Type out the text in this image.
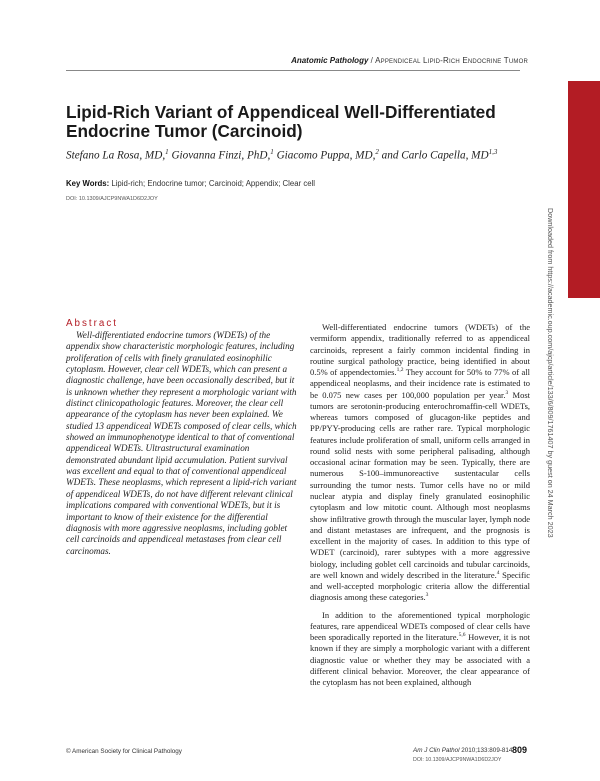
Anatomic Pathology / Appendiceal Lipid-Rich Endocrine Tumor
Lipid-Rich Variant of Appendiceal Well-Differentiated Endocrine Tumor (Carcinoid)
Stefano La Rosa, MD,$^1$ Giovanna Finzi, PhD,$^1$ Giacomo Puppa, MD,$^2$ and Carlo Capella, MD$^{1,3}$
Key Words: Lipid-rich; Endocrine tumor; Carcinoid; Appendix; Clear cell
DOI: 10.1309/AJCP9NWA1D6D2JOY
Downloaded from https://academic.oup.com/ajcp/article/133/6/809/1761407 by guest on 24 March 2023
Abstract

Well-differentiated endocrine tumors (WDETs) of the appendix show characteristic morphologic features, including proliferation of cells with finely granulated eosinophilic cytoplasm. However, clear cell WDETs, which can present a diagnostic challenge, have been occasionally described, but it is unknown whether they represent a morphologic variant with distinct clinicopathologic features. Moreover, the clear cell appearance of the cytoplasm has never been explained. We studied 13 appendiceal WDETs composed of clear cells, which showed an immunophenotype identical to that of conventional appendiceal WDETs. Ultrastructural examination demonstrated abundant lipid accumulation. Patient survival was excellent and equal to that of conventional appendiceal WDETs. These neoplasms, which represent a lipid-rich variant of appendiceal WDETs, do not have different relevant clinical implications compared with conventional WDETs, but it is important to know of their existence for the differential diagnosis with more aggressive neoplasms, including goblet cell carcinoids and appendiceal metastases from clear cell carcinomas.

Well-differentiated endocrine tumors (WDETs) of the vermiform appendix, traditionally referred to as appendiceal carcinoids, represent a fairly common incidental finding in routine surgical pathology practice, being identified in about 0.5% of appendectomies.$^{1,2}$ They account for 50% to 77% of all appendiceal neoplasms, and their incidence rate is estimated to be 0.075 new cases per 100,000 population per year.$^3$ Most tumors are serotonin-producing enterochromaffin-cell WDETs, whereas tumors composed of glucagon-like peptides and PP/PYY-producing cells are rather rare. Typical morphologic features include proliferation of small, uniform cells arranged in round solid nests with some peripheral palisading, although occasional acinar formation may be seen. Typically, there are numerous S-100–immunoreactive sustentacular cells surrounding the tumor nests. Tumor cells have no or mild nuclear atypia and display finely granulated eosinophilic cytoplasm and low mitotic count. Although most neoplasms show infiltrative growth through the muscular layer, lymph node and distant metastases are infrequent, and the prognosis is excellent in the majority of cases. In addition to this type of WDET (carcinoid), rarer subtypes with a more aggressive biology, including goblet cell carcinoids and tubular carcinoids, are well known and widely described in the literature.$^4$ Specific and well-accepted morphologic criteria allow the differential diagnosis among these categories.$^3$

In addition to the aforementioned typical morphologic features, rare appendiceal WDETs composed of clear cells have been sporadically reported in the literature.$^{5,6}$ However, it is not known if they are simply a morphologic variant with a different diagnostic value or whether they may be associated with a different clinical behavior. Moreover, the clear appearance of the cytoplasm has not been explained, although

© American Society for Clinical Pathology	Am J Clin Pathol 2010;133:809-814 809
DOI: 10.1309/AJCP9NWA1D6D2JOY
